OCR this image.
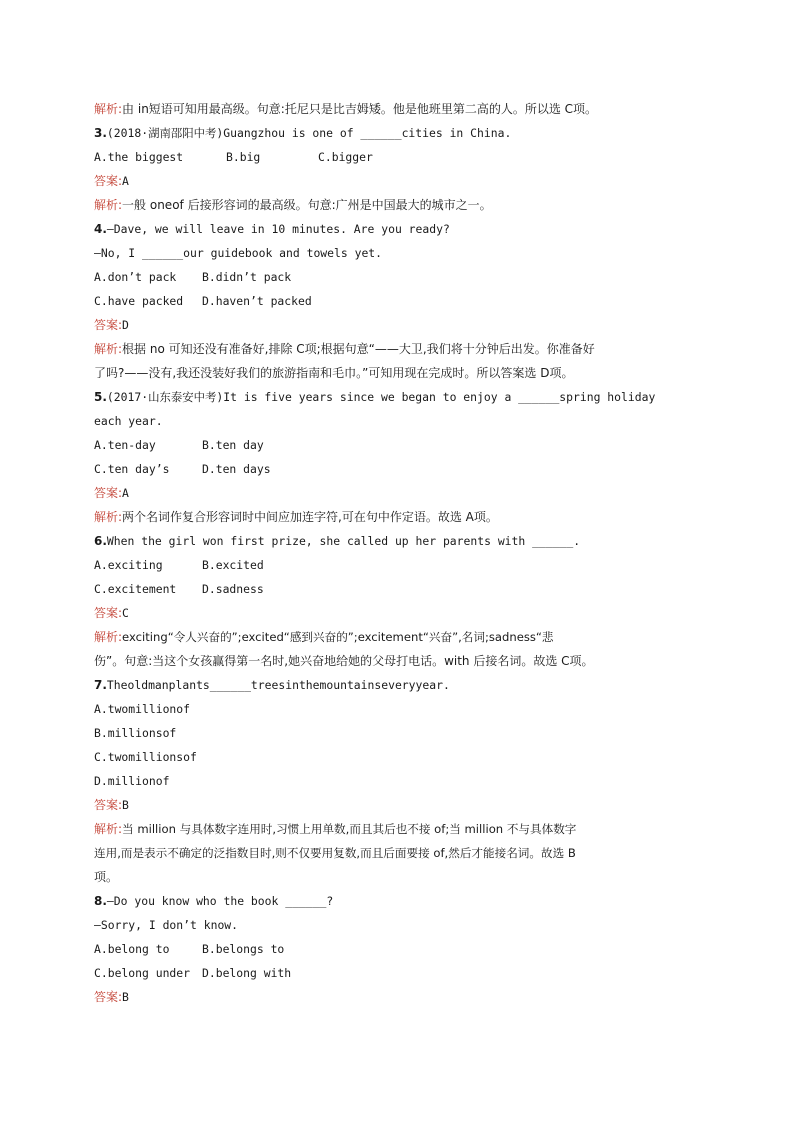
解析:由 in短语可知用最高级。句意:托尼只是比吉姆矮。他是他班里第二高的人。所以选 C项。
3.(2018·湖南邵阳中考)Guangzhou is one of ______cities in China.
A.the biggest	B.big	C.bigger
答案:A
解析:一般 oneof 后接形容词的最高级。句意:广州是中国最大的城市之一。
4.—Dave, we will leave in 10 minutes. Are you ready?
—No, I ______our guidebook and towels yet.
A.don’t pack B.didn’t pack
C.have packed D.haven’t packed
答案:D
解析:根据 no 可知还没有准备好,排除 C项;根据句意“——大卫,我们将十分钟后出发。你准备好
了吗?——没有,我还没装好我们的旅游指南和毛巾。”可知用现在完成时。所以答案选 D项。
5.(2017·山东泰安中考)It is five years since we began to enjoy a ______spring holiday
each year.
A.ten-day	B.ten day
C.ten day’s	D.ten days
答案:A
解析:两个名词作复合形容词时中间应加连字符,可在句中作定语。故选 A项。
6.When the girl won first prize, she called up her parents with ______.
A.exciting	B.excited
C.excitement D.sadness
答案:C
解析:exciting“令人兴奋的”;excited“感到兴奋的”;excitement“兴奋”,名词;sadness“悲
伤”。句意:当这个女孩赢得第一名时,她兴奋地给她的父母打电话。with 后接名词。故选 C项。
7.Theoldmanplants______treesinthemountainseveryyear.
A.twomillionof
B.millionsof
C.twomillionsof
D.millionof
答案:B
解析:当 million 与具体数字连用时,习惯上用单数,而且其后也不接 of;当 million 不与具体数字
连用,而是表示不确定的泛指数目时,则不仅要用复数,而且后面要接 of,然后才能接名词。故选 B
项。
8.—Do you know who the book ______?
—Sorry, I don’t know.
A.belong to	B.belongs to
C.belong under D.belong with
答案:B
